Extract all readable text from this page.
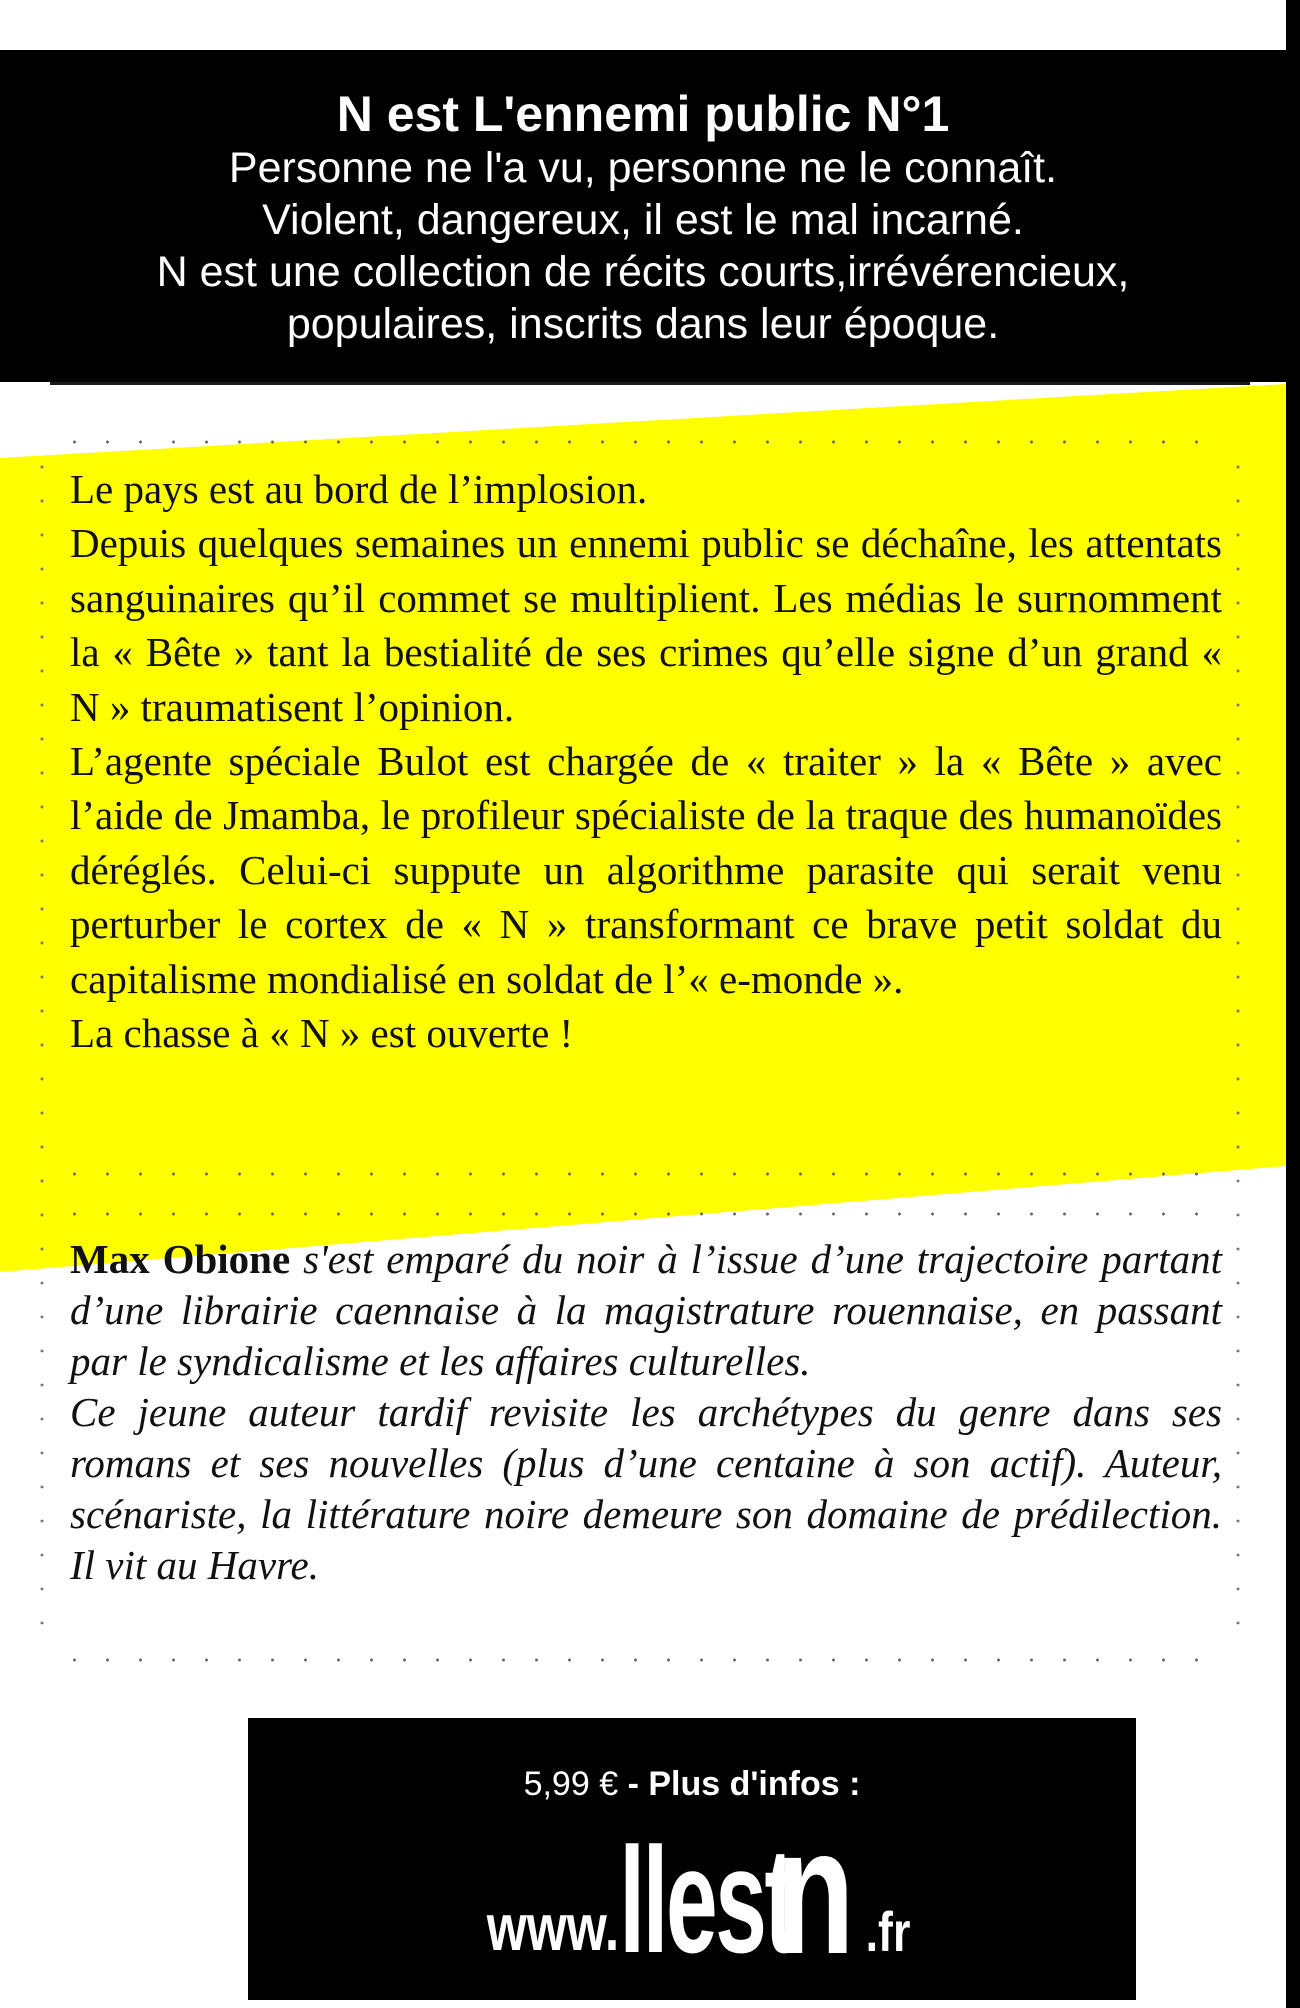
N est L'ennemi public N°1
Personne ne l'a vu, personne ne le connaît.
Violent, dangereux, il est le mal incarné.
N est une collection de récits courts,irrévérencieux,
populaires, inscrits dans leur époque.

Le pays est au bord de l’implosion.

Depuis quelques semaines un ennemi public se déchaîne, les attentats sanguinaires qu’il commet se multiplient. Les médias le surnomment la « Bête » tant la bestialité de ses crimes qu’elle signe d’un grand « N » traumatisent l’opinion.

L’agente spéciale Bulot est chargée de « traiter » la « Bête » avec l’aide de Jmamba, le profileur spécialiste de la traque des humanoïdes déréglés. Celui-ci suppute un algorithme parasite qui serait venu perturber le cortex de « N » transformant ce brave petit soldat du capitalisme mondialisé en soldat de l’« e-monde ».

La chasse à « N » est ouverte !

Max Obione s'est emparé du noir à l’issue d’une trajectoire partant d’une librairie caennaise à la magistrature rouennaise, en passant par le syndicalisme et les affaires culturelles.

Ce jeune auteur tardif revisite les archétypes du genre dans ses romans et ses nouvelles (plus d’une centaine à son actif). Auteur, scénariste, la littérature noire demeure son domaine de prédilection. Il vit au Havre.

5,99 € - Plus d'infos :
www. llest
n .fr
